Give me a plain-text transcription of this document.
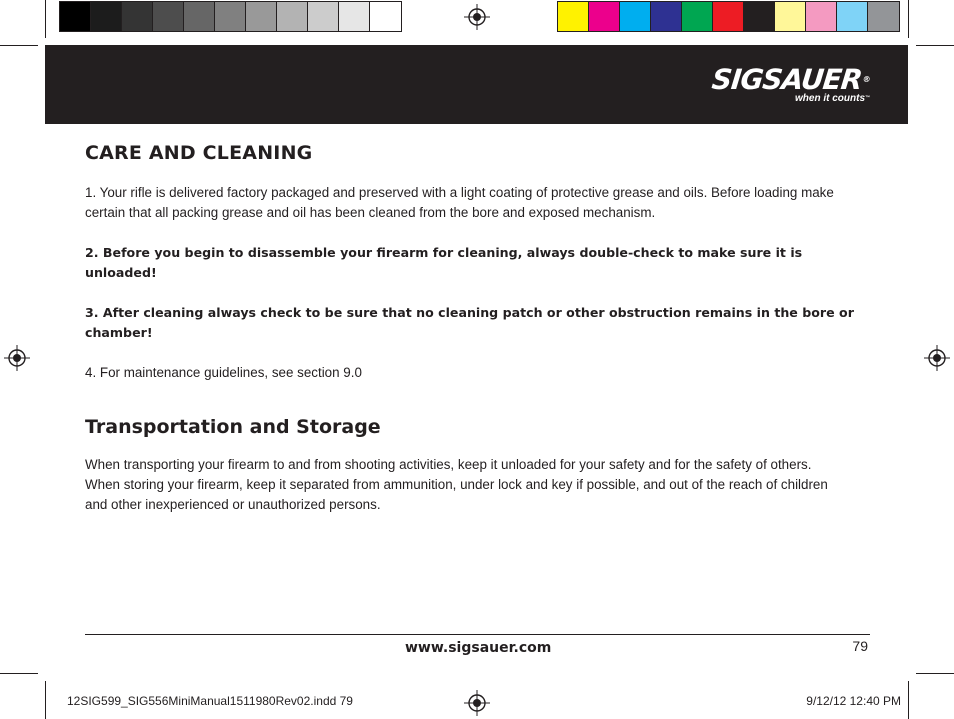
SIGSAUER®
when it counts™
CARE AND CLEANING

1. Your rifle is delivered factory packaged and preserved with a light coating of protective grease and oils. Before loading make certain that all packing grease and oil has been cleaned from the bore and exposed mechanism.

2. Before you begin to disassemble your firearm for cleaning, always double-check to make sure it is unloaded!

3. After cleaning always check to be sure that no cleaning patch or other obstruction remains in the bore or chamber!

4. For maintenance guidelines, see section 9.0

Transportation and Storage

When transporting your firearm to and from shooting activities, keep it unloaded for your safety and for the safety of others. When storing your firearm, keep it separated from ammunition, under lock and key if possible, and out of the reach of children and other inexperienced or unauthorized persons.

www.sigsauer.com	79
12SIG599_SIG556MiniManual1511980Rev02.indd 79	9/12/12 12:40 PM
